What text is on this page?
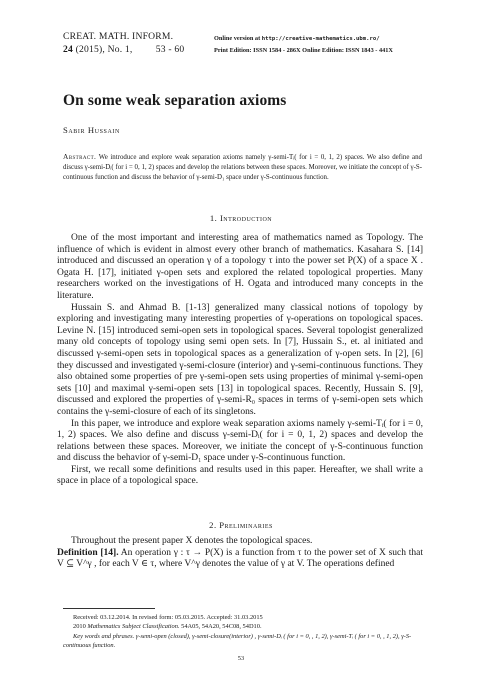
CREAT. MATH. INFORM.
24 (2015), No. 1, 53 - 60
Online version at http://creative-mathematics.ubm.ro/
Print Edition: ISSN 1584 - 286X Online Edition: ISSN 1843 - 441X
On some weak separation axioms
Sabir Hussain
Abstract. We introduce and explore weak separation axioms namely γ-semi-Tᵢ( for i = 0, 1, 2) spaces. We also define and discuss γ-semi-Dᵢ( for i = 0, 1, 2) spaces and develop the relations between these spaces. Moreover, we initiate the concept of γ-S-continuous function and discuss the behavior of γ-semi-D₁ space under γ-S-continuous function.
1. Introduction

One of the most important and interesting area of mathematics named as Topology. The influence of which is evident in almost every other branch of mathematics. Kasahara S. [14] introduced and discussed an operation γ of a topology τ into the power set P(X) of a space X . Ogata H. [17], initiated γ-open sets and explored the related topological properties. Many researchers worked on the investigations of H. Ogata and introduced many concepts in the literature.

Hussain S. and Ahmad B. [1-13] generalized many classical notions of topology by exploring and investigating many interesting properties of γ-operations on topological spaces. Levine N. [15] introduced semi-open sets in topological spaces. Several topologist generalized many old concepts of topology using semi open sets. In [7], Hussain S., et. al initiated and discussed γ-semi-open sets in topological spaces as a generalization of γ-open sets. In [2], [6] they discussed and investigated γ-semi-closure (interior) and γ-semi-continuous functions. They also obtained some properties of pre γ-semi-open sets using properties of minimal γ-semi-open sets [10] and maximal γ-semi-open sets [13] in topological spaces. Recently, Hussain S. [9], discussed and explored the properties of γ-semi-R₀ spaces in terms of γ-semi-open sets which contains the γ-semi-closure of each of its singletons.

In this paper, we introduce and explore weak separation axioms namely γ-semi-Tᵢ( for i = 0, 1, 2) spaces. We also define and discuss γ-semi-Dᵢ( for i = 0, 1, 2) spaces and develop the relations between these spaces. Moreover, we initiate the concept of γ-S-continuous function and discuss the behavior of γ-semi-D₁ space under γ-S-continuous function.

First, we recall some definitions and results used in this paper. Hereafter, we shall write a space in place of a topological space.

2. Preliminaries

Throughout the present paper X denotes the topological spaces.

Definition [14]. An operation γ : τ → P(X) is a function from τ to the power set of X such that V ⊆ V^γ , for each V ∈ τ, where V^γ denotes the value of γ at V. The operations defined

Received: 03.12.2014. In revised form: 05.03.2015. Accepted: 31.03.2015
2010 Mathematics Subject Classification. 54A05, 54A20, 54C08, 54D10.
Key words and phrases. γ-semi-open (closed), γ-semi-closure(interior) , γ-semi-Dᵢ ( for i = 0, , 1, 2), γ-semi-Tᵢ ( for i = 0, , 1, 2), γ-S-continuous function.
53
